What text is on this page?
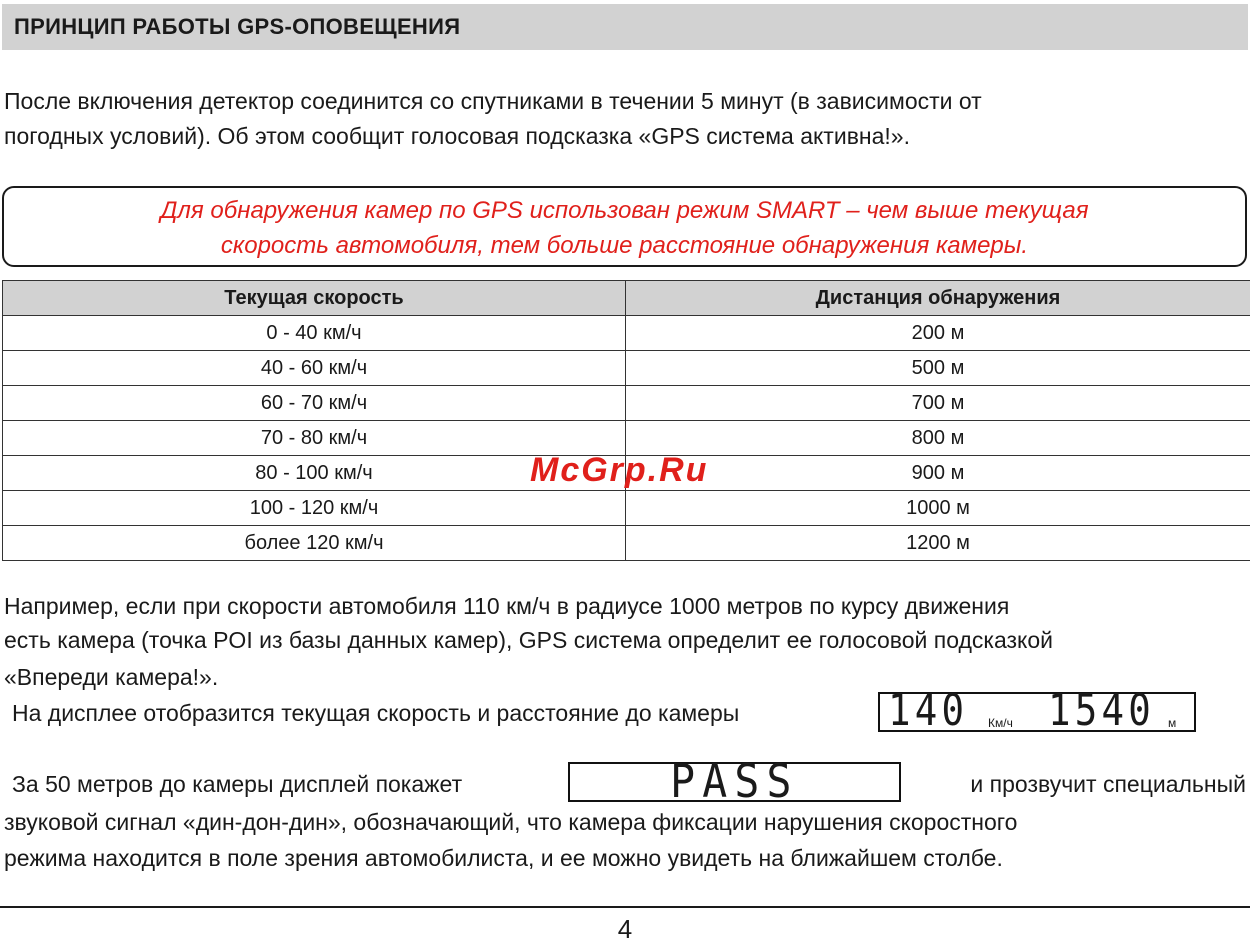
ПРИНЦИП РАБОТЫ GPS-ОПОВЕЩЕНИЯ

После включения детектор соединится со спутниками в течении 5 минут (в зависимости от

погодных условий). Об этом сообщит голосовая подсказка «GPS система активна!».

Для обнаружения камер по GPS использован режим SMART – чем выше текущая
скорость автомобиля, тем больше расстояние обнаружения камеры.
Текущая скорость	Дистанция обнаружения
0 - 40 км/ч	200 м
40 - 60 км/ч	500 м
60 - 70 км/ч	700 м
70 - 80 км/ч	800 м
80 - 100 км/ч	900 м
100 - 120 км/ч	1000 м
более 120 км/ч	1200 м
McGrp.Ru

Например, если при скорости автомобиля 110 км/ч в радиусе 1000 метров по курсу движения

есть камера (точка POI из базы данных камер), GPS система определит ее голосовой подсказкой

«Впереди камера!».

На дисплее отобразится текущая скорость и расстояние до камеры	140	Км/ч 1540 м

За 50 метров до камеры дисплей покажет	PASS	и прозвучит специальный

звуковой сигнал «дин-дон-дин», обозначающий, что камера фиксации нарушения скоростного

режима находится в поле зрения автомобилиста, и ее можно увидеть на ближайшем столбе.

4
